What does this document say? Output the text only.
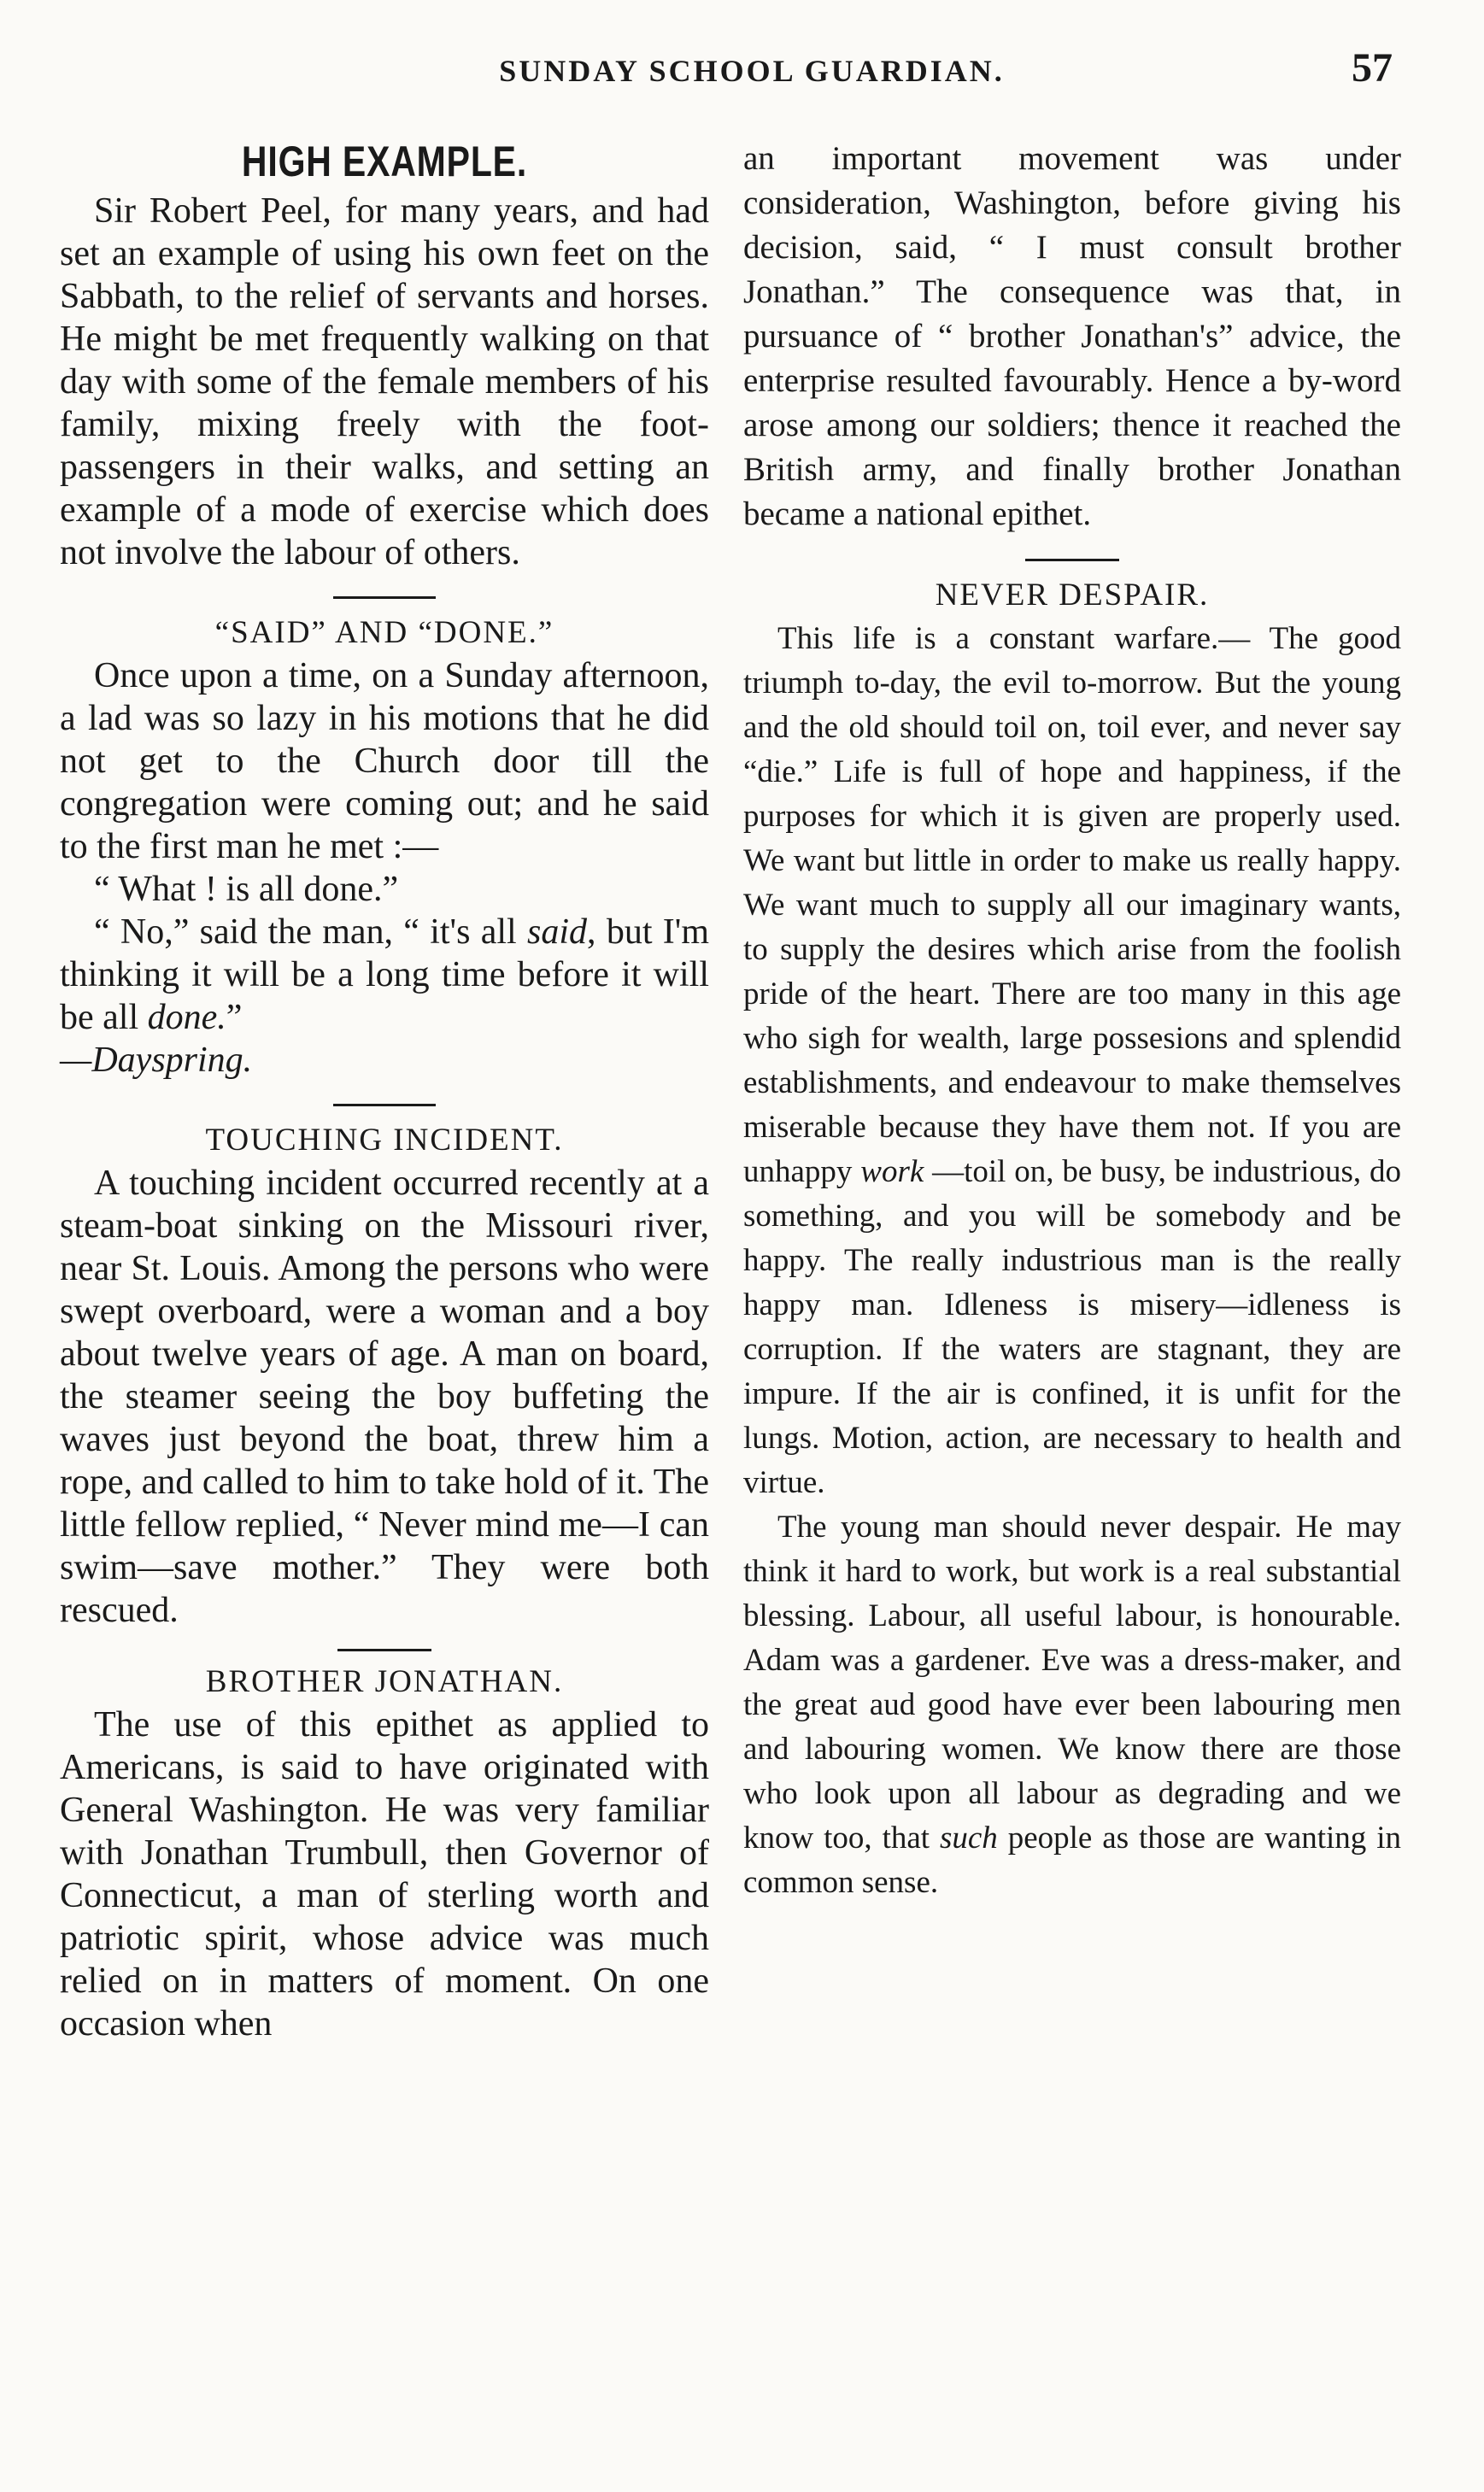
SUNDAY SCHOOL GUARDIAN.	57
HIGH EXAMPLE.

Sir Robert Peel, for many years, and had set an example of using his own feet on the Sabbath, to the relief of servants and horses. He might be met frequently walking on that day with some of the female members of his family, mixing freely with the foot-passengers in their walks, and setting an example of a mode of exercise which does not involve the labour of others.

“SAID” AND “DONE.”

Once upon a time, on a Sunday afternoon, a lad was so lazy in his motions that he did not get to the Church door till the congregation were coming out; and he said to the first man he met :—

“ What ! is all done.”

“ No,” said the man, “ it's all said, but I'm thinking it will be a long time before it will be all done.”

—Dayspring.

TOUCHING INCIDENT.

A touching incident occurred recently at a steam-boat sinking on the Missouri river, near St. Louis. Among the persons who were swept overboard, were a woman and a boy about twelve years of age. A man on board, the steamer seeing the boy buffeting the waves just beyond the boat, threw him a rope, and called to him to take hold of it. The little fellow replied, “ Never mind me—I can swim—save mother.” They were both rescued.

BROTHER JONATHAN.

The use of this epithet as applied to Americans, is said to have originated with General Washington. He was very familiar with Jonathan Trumbull, then Governor of Connecticut, a man of sterling worth and patriotic spirit, whose advice was much relied on in matters of moment. On one occasion when

an important movement was under consideration, Washington, before giving his decision, said, “ I must consult brother Jonathan.” The consequence was that, in pursuance of “ brother Jonathan's” advice, the enterprise resulted favourably. Hence a by-word arose among our soldiers; thence it reached the British army, and finally brother Jonathan became a national epithet.

NEVER DESPAIR.

This life is a constant warfare.— The good triumph to-day, the evil to-morrow. But the young and the old should toil on, toil ever, and never say “die.” Life is full of hope and happiness, if the purposes for which it is given are properly used. We want but little in order to make us really happy. We want much to supply all our imaginary wants, to supply the desires which arise from the foolish pride of the heart. There are too many in this age who sigh for wealth, large possesions and splendid establishments, and endeavour to make themselves miserable because they have them not. If you are unhappy work —toil on, be busy, be industrious, do something, and you will be somebody and be happy. The really industrious man is the really happy man. Idleness is misery—idleness is corruption. If the waters are stagnant, they are impure. If the air is confined, it is unfit for the lungs. Motion, action, are necessary to health and virtue.

The young man should never despair. He may think it hard to work, but work is a real substantial blessing. Labour, all useful labour, is honourable. Adam was a gardener. Eve was a dress-maker, and the great aud good have ever been labouring men and labouring women. We know there are those who look upon all labour as degrading and we know too, that such people as those are wanting in common sense.
